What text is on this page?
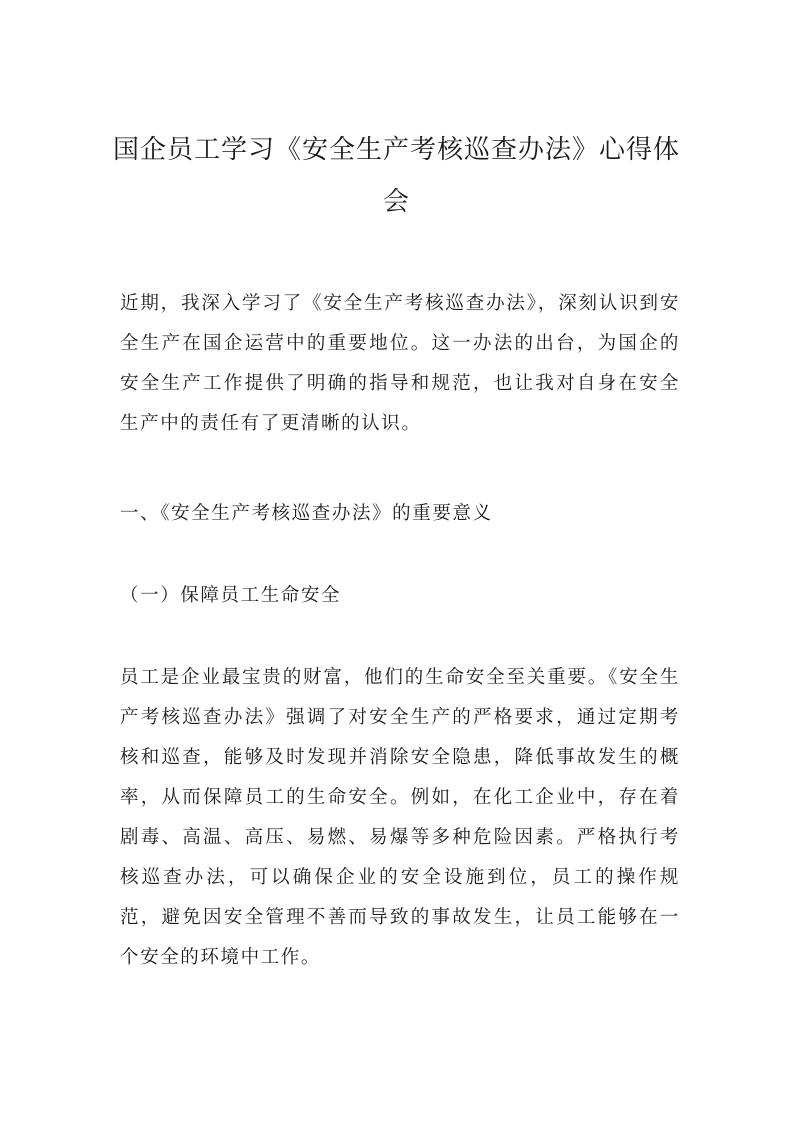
国企员工学习《安全生产考核巡查办法》心得体会

近期，我深入学习了《安全生产考核巡查办法》，深刻认识到安全生产在国企运营中的重要地位。这一办法的出台，为国企的安全生产工作提供了明确的指导和规范，也让我对自身在安全生产中的责任有了更清晰的认识。

一、《安全生产考核巡查办法》的重要意义

（一）保障员工生命安全

员工是企业最宝贵的财富，他们的生命安全至关重要。《安全生产考核巡查办法》强调了对安全生产的严格要求，通过定期考核和巡查，能够及时发现并消除安全隐患，降低事故发生的概率，从而保障员工的生命安全。例如，在化工企业中，存在着剧毒、高温、高压、易燃、易爆等多种危险因素。严格执行考核巡查办法，可以确保企业的安全设施到位，员工的操作规范，避免因安全管理不善而导致的事故发生，让员工能够在一个安全的环境中工作。
